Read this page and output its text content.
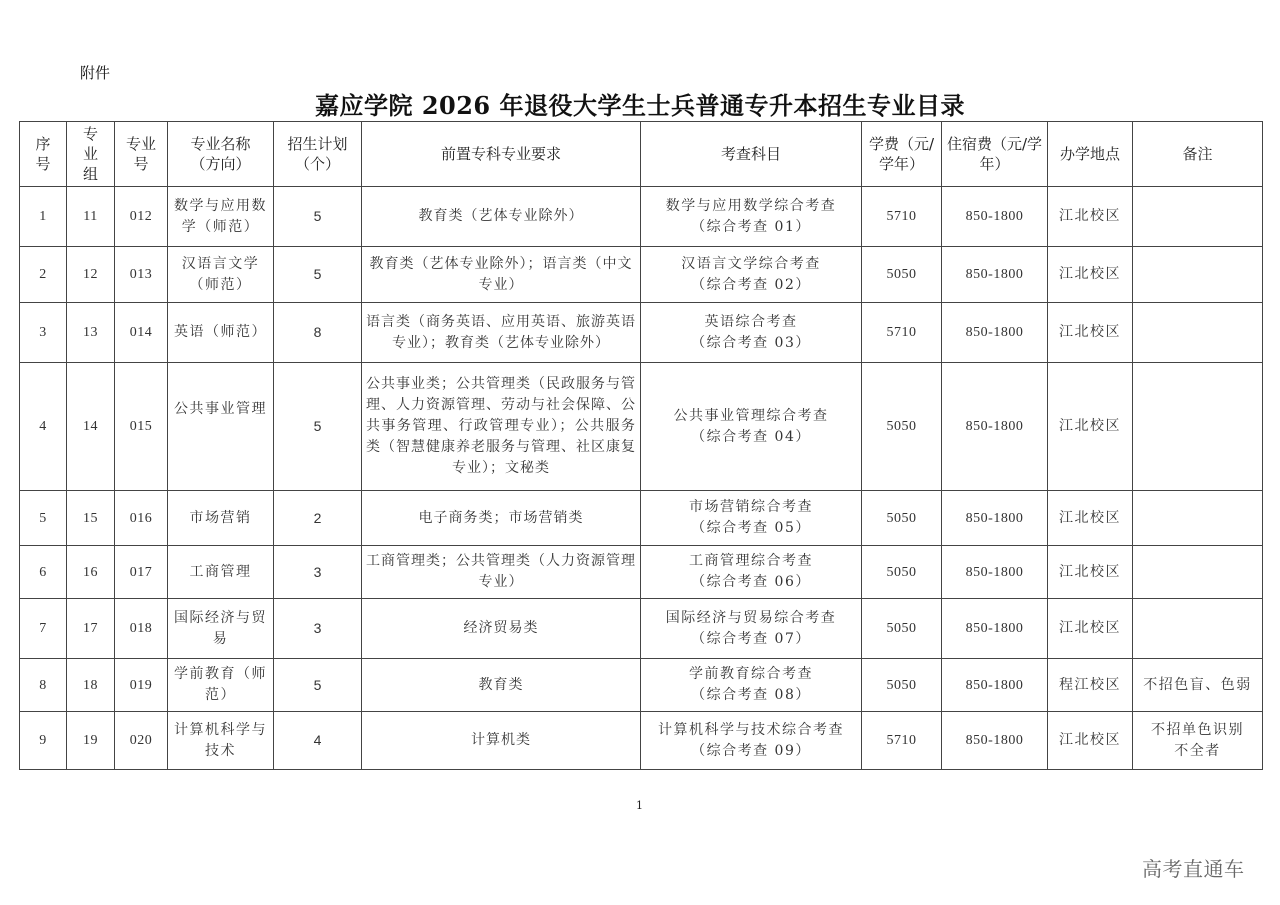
附件
嘉应学院 2026 年退役大学生士兵普通专升本招生专业目录
序号	专业组	专业号	专业名称（方向）	招生计划（个）	前置专科专业要求	考查科目	学费（元/学年）	住宿费（元/学年）	办学地点	备注
1	11	012	数学与应用数学（师范）	5	教育类（艺体专业除外）	数学与应用数学综合考查
（综合考查 01）	5710	850-1800	江北校区	
2	12	013	汉语言文学（师范）	5	教育类（艺体专业除外）；语言类（中文专业）	汉语言文学综合考查
（综合考查 02）	5050	850-1800	江北校区	
3	13	014	英语（师范）	8	语言类（商务英语、应用英语、旅游英语专业）；教育类（艺体专业除外）	英语综合考查
（综合考查 03）	5710	850-1800	江北校区	
4	14	015	公共事业管理	5	公共事业类；公共管理类（民政服务与管理、人力资源管理、劳动与社会保障、公共事务管理、行政管理专业）；公共服务类（智慧健康养老服务与管理、社区康复专业）；文秘类	公共事业管理综合考查
（综合考查 04）	5050	850-1800	江北校区	
5	15	016	市场营销	2	电子商务类；市场营销类	市场营销综合考查
（综合考查 05）	5050	850-1800	江北校区	
6	16	017	工商管理	3	工商管理类；公共管理类（人力资源管理专业）	工商管理综合考查
（综合考查 06）	5050	850-1800	江北校区	
7	17	018	国际经济与贸易	3	经济贸易类	国际经济与贸易综合考查
（综合考查 07）	5050	850-1800	江北校区	
8	18	019	学前教育（师范）	5	教育类	学前教育综合考查
（综合考查 08）	5050	850-1800	程江校区	不招色盲、色弱
9	19	020	计算机科学与技术	4	计算机类	计算机科学与技术综合考查
（综合考查 09）	5710	850-1800	江北校区	不招单色识别不全者
1
高考直通车
